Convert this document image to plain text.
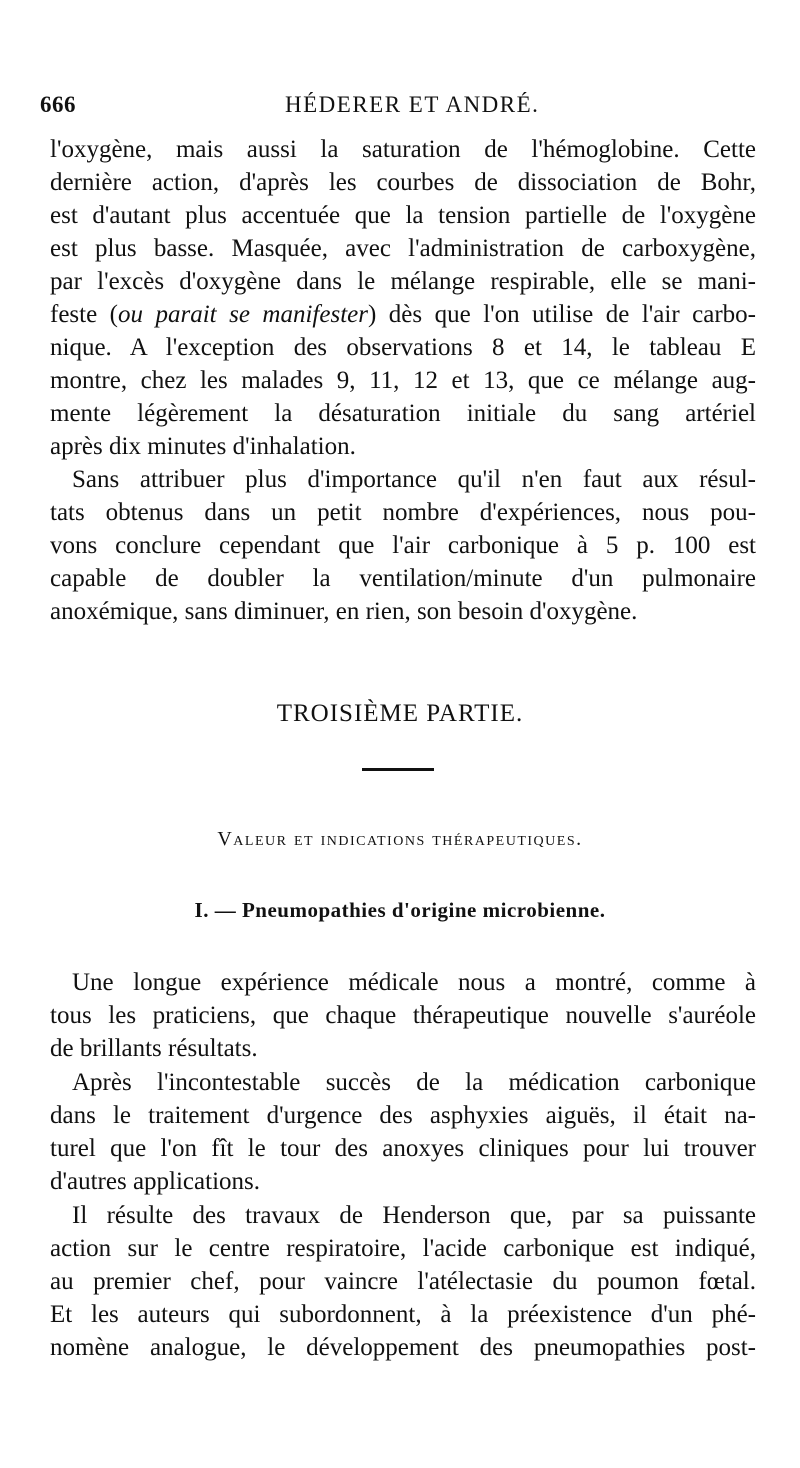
666	HÉDERER ET ANDRÉ.
l'oxygène, mais aussi la saturation de l'hémoglobine. Cette
dernière action, d'après les courbes de dissociation de Bohr,
est d'autant plus accentuée que la tension partielle de l'oxygène
est plus basse. Masquée, avec l'administration de carboxygène,
par l'excès d'oxygène dans le mélange respirable, elle se mani-
feste (ou parait se manifester) dès que l'on utilise de l'air carbo-
nique. A l'exception des observations 8 et 14, le tableau E
montre, chez les malades 9, 11, 12 et 13, que ce mélange aug-
mente légèrement la désaturation initiale du sang artériel
après dix minutes d'inhalation.
Sans attribuer plus d'importance qu'il n'en faut aux résul-
tats obtenus dans un petit nombre d'expériences, nous pou-
vons conclure cependant que l'air carbonique à 5 p. 100 est
capable de doubler la ventilation/minute d'un pulmonaire
anoxémique, sans diminuer, en rien, son besoin d'oxygène.
TROISIÈME PARTIE.
Valeur et indications thérapeutiques.
I. — Pneumopathies d'origine microbienne.
Une longue expérience médicale nous a montré, comme à
tous les praticiens, que chaque thérapeutique nouvelle s'auréole
de brillants résultats.
Après l'incontestable succès de la médication carbonique
dans le traitement d'urgence des asphyxies aiguës, il était na-
turel que l'on fît le tour des anoxyes cliniques pour lui trouver
d'autres applications.
Il résulte des travaux de Henderson que, par sa puissante
action sur le centre respiratoire, l'acide carbonique est indiqué,
au premier chef, pour vaincre l'atélectasie du poumon fœtal.
Et les auteurs qui subordonnent, à la préexistence d'un phé-
nomène analogue, le développement des pneumopathies post-
